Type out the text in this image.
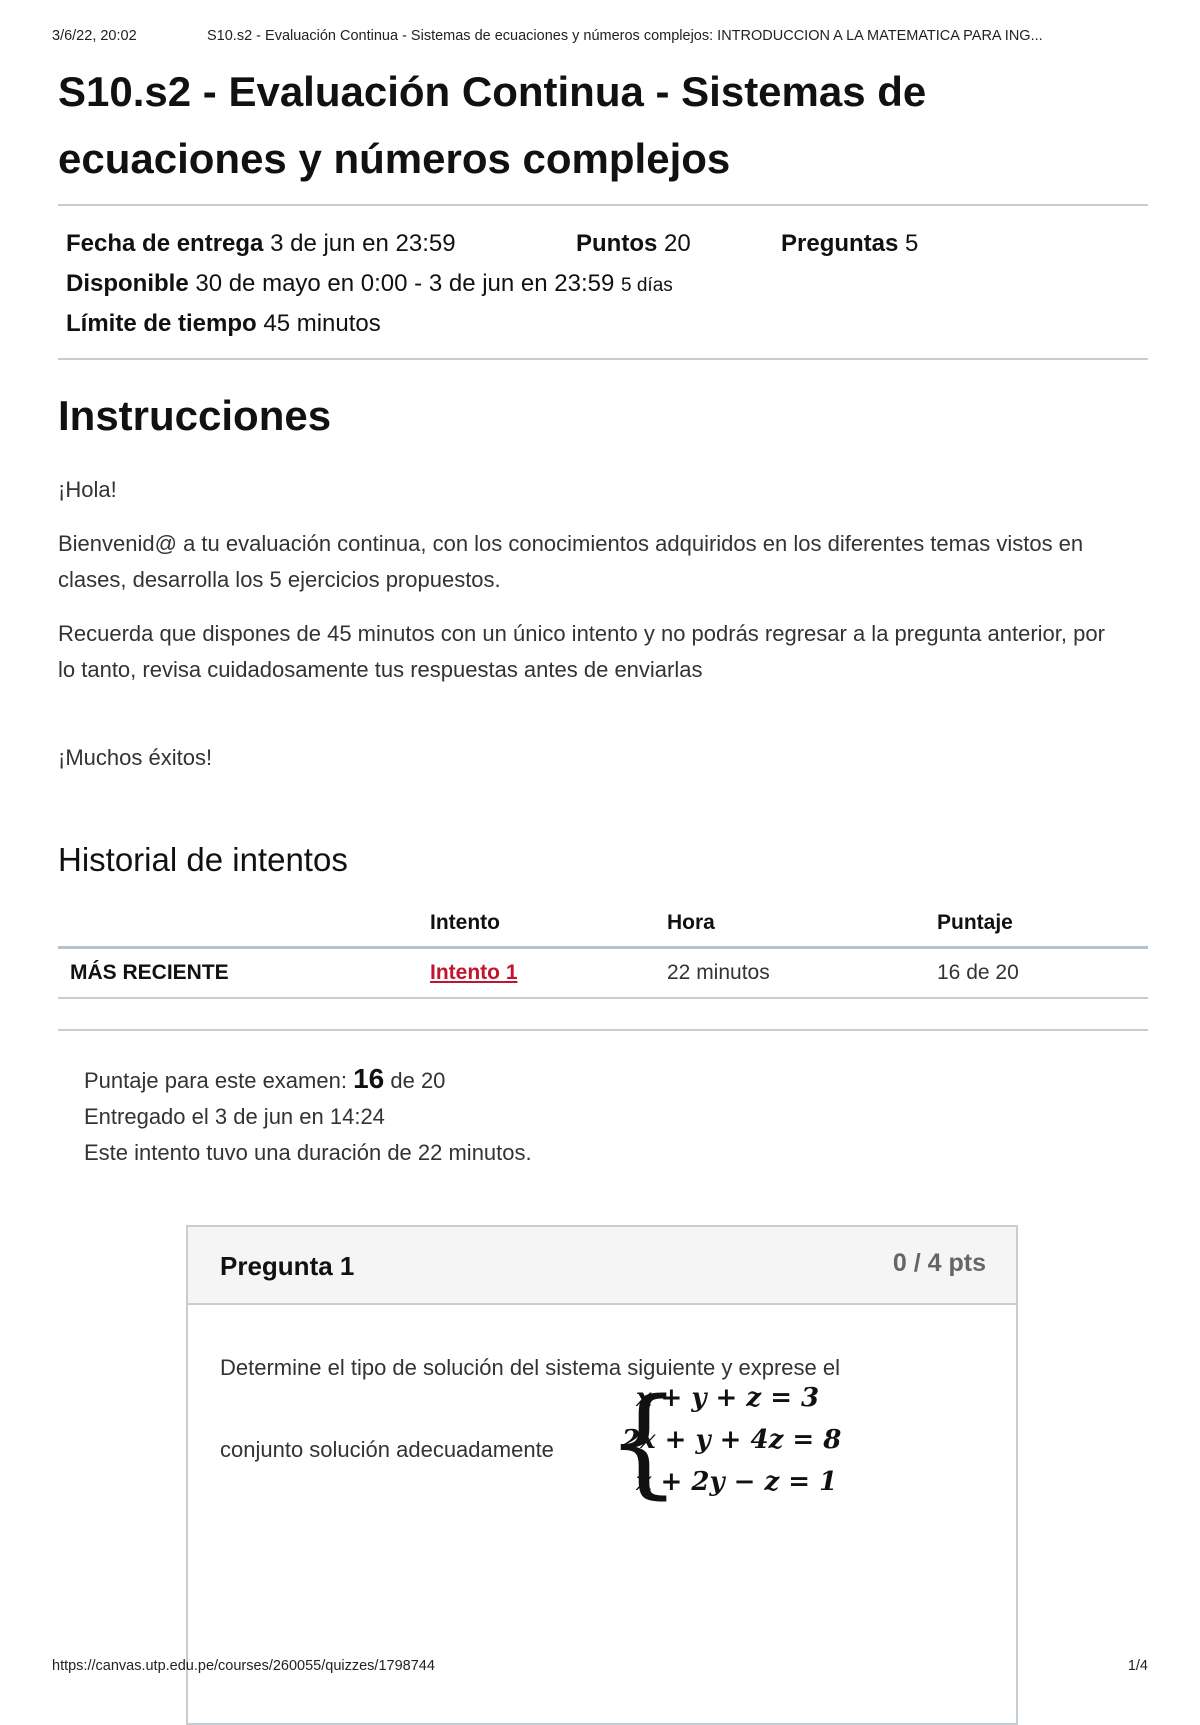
3/6/22, 20:02	S10.s2 - Evaluación Continua - Sistemas de ecuaciones y números complejos: INTRODUCCION A LA MATEMATICA PARA ING...
S10.s2 - Evaluación Continua - Sistemas de ecuaciones y números complejos
Fecha de entrega 3 de jun en 23:59	Puntos 20	Preguntas 5
Disponible 30 de mayo en 0:00 - 3 de jun en 23:59 5 días
Límite de tiempo 45 minutos
Instrucciones

¡Hola!

Bienvenid@ a tu evaluación continua, con los conocimientos adquiridos en los diferentes temas vistos en clases, desarrolla los 5 ejercicios propuestos.

Recuerda que dispones de 45 minutos con un único intento y no podrás regresar a la pregunta anterior, por lo tanto, revisa cuidadosamente tus respuestas antes de enviarlas

¡Muchos éxitos!

Historial de intentos
	Intento	Hora	Puntaje
MÁS RECIENTE	Intento 1	22 minutos	16 de 20
Puntaje para este examen: 16 de 20
Entregado el 3 de jun en 14:24
Este intento tuvo una duración de 22 minutos.
Pregunta 1	0 / 4 pts
Determine el tipo de solución del sistema siguiente y exprese el
conjunto solución adecuadamente {
x + y + z = 3
2x + y + 4z = 8
x + 2y − z = 1
https://canvas.utp.edu.pe/courses/260055/quizzes/1798744	1/4
